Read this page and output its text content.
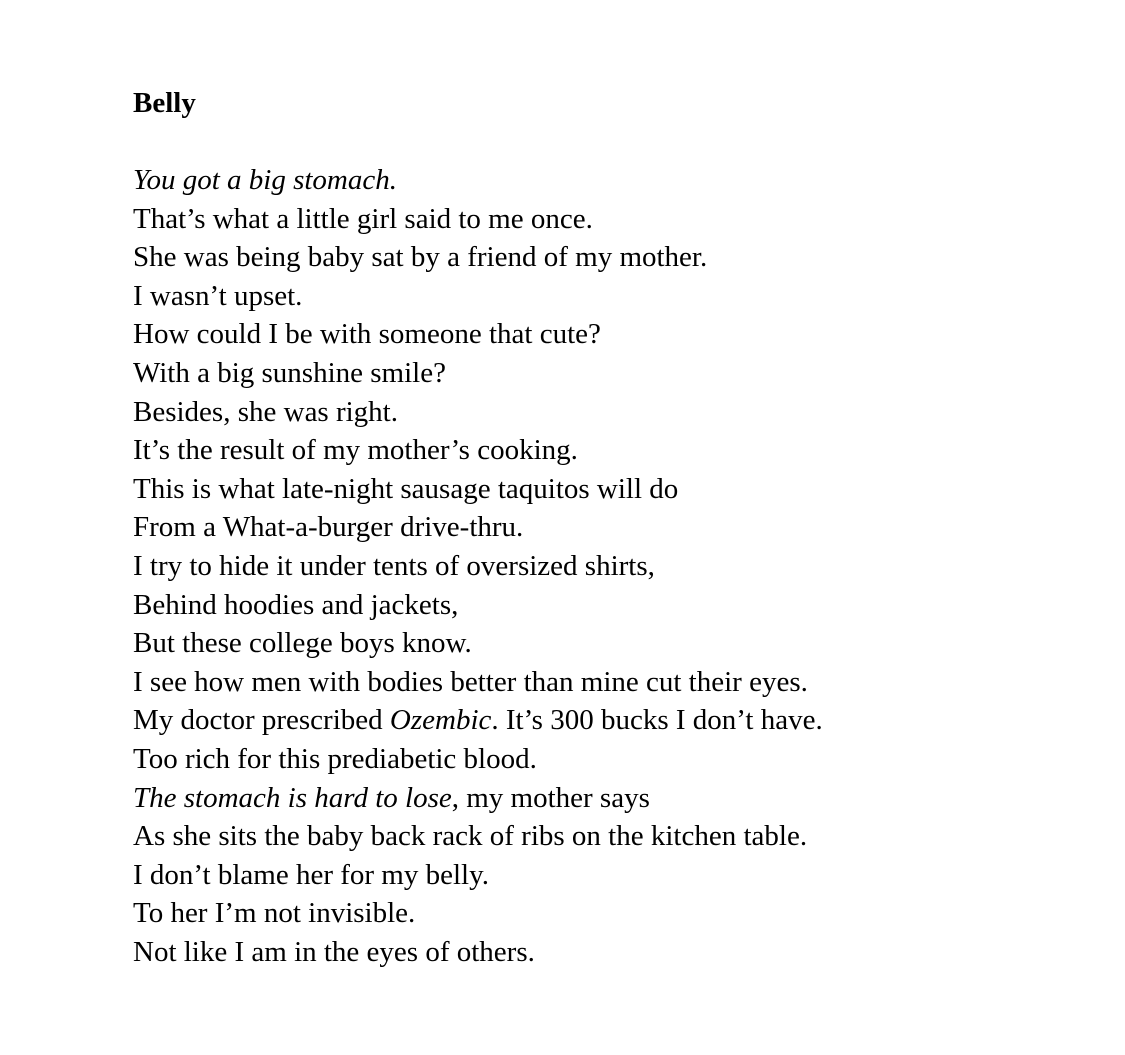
Belly
You got a big stomach.
That’s what a little girl said to me once.
She was being baby sat by a friend of my mother.
I wasn’t upset.
How could I be with someone that cute?
With a big sunshine smile?
Besides, she was right.
It’s the result of my mother’s cooking.
This is what late-night sausage taquitos will do
From a What-a-burger drive-thru.
I try to hide it under tents of oversized shirts,
Behind hoodies and jackets,
But these college boys know.
I see how men with bodies better than mine cut their eyes.
My doctor prescribed Ozembic. It’s 300 bucks I don’t have.
Too rich for this prediabetic blood.
The stomach is hard to lose, my mother says
As she sits the baby back rack of ribs on the kitchen table.
I don’t blame her for my belly.
To her I’m not invisible.
Not like I am in the eyes of others.
